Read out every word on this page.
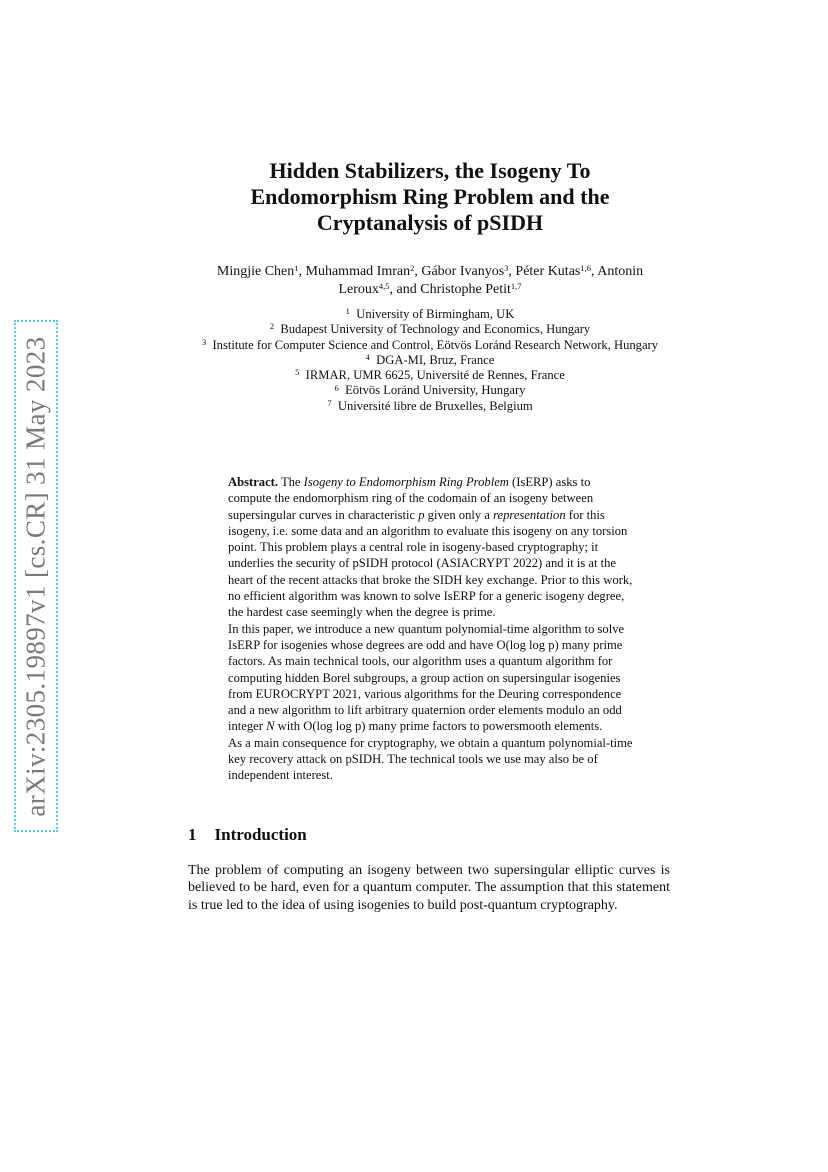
arXiv:2305.19897v1 [cs.CR] 31 May 2023
Hidden Stabilizers, the Isogeny To
Endomorphism Ring Problem and the
Cryptanalysis of pSIDH
Mingjie Chen$^1$, Muhammad Imran$^2$, Gábor Ivanyos$^3$, Péter Kutas$^{1,6}$, Antonin Leroux$^{4,5}$, and Christophe Petit$^{1,7}$
$^1$ University of Birmingham, UK
$^2$ Budapest University of Technology and Economics, Hungary
$^3$ Institute for Computer Science and Control, Eötvös Loránd Research Network, Hungary
$^4$ DGA-MI, Bruz, France
$^5$ IRMAR, UMR 6625, Université de Rennes, France
$^6$ Eötvös Loránd University, Hungary
$^7$ Université libre de Bruxelles, Belgium

Abstract. The Isogeny to Endomorphism Ring Problem (IsERP) asks to compute the endomorphism ring of the codomain of an isogeny between supersingular curves in characteristic p given only a representation for this isogeny, i.e. some data and an algorithm to evaluate this isogeny on any torsion point. This problem plays a central role in isogeny-based cryptography; it underlies the security of pSIDH protocol (ASIACRYPT 2022) and it is at the heart of the recent attacks that broke the SIDH key exchange. Prior to this work, no efficient algorithm was known to solve IsERP for a generic isogeny degree, the hardest case seemingly when the degree is prime.

In this paper, we introduce a new quantum polynomial-time algorithm to solve IsERP for isogenies whose degrees are odd and have O(log log p) many prime factors. As main technical tools, our algorithm uses a quantum algorithm for computing hidden Borel subgroups, a group action on supersingular isogenies from EUROCRYPT 2021, various algorithms for the Deuring correspondence and a new algorithm to lift arbitrary quaternion order elements modulo an odd integer N with O(log log p) many prime factors to powersmooth elements.

As a main consequence for cryptography, we obtain a quantum polynomial-time key recovery attack on pSIDH. The technical tools we use may also be of independent interest.

1 Introduction

The problem of computing an isogeny between two supersingular elliptic curves is believed to be hard, even for a quantum computer. The assumption that this statement is true led to the idea of using isogenies to build post-quantum cryptography.
